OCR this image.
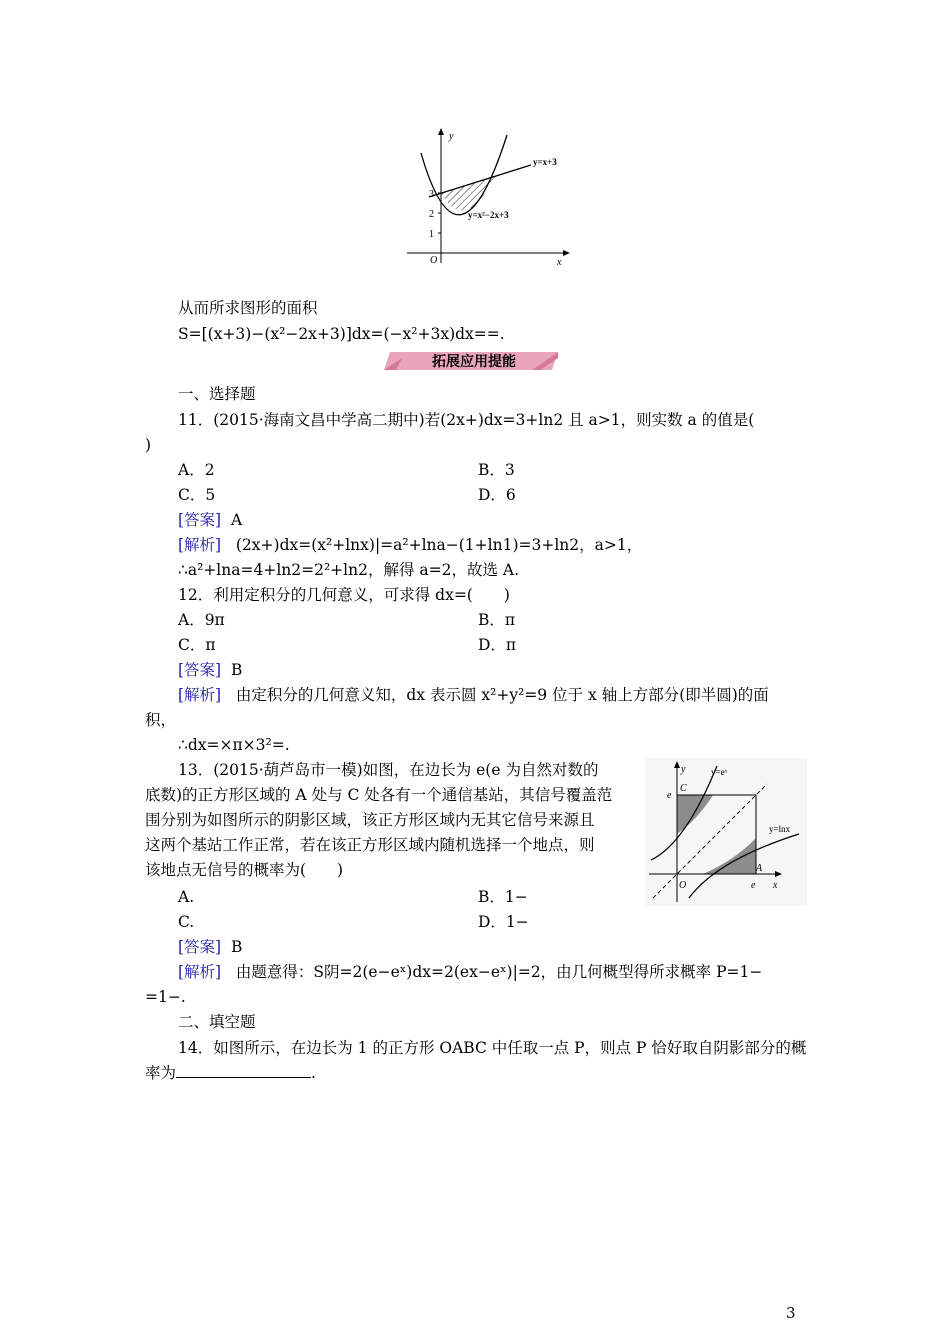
y
x
O
3
2
1
y=x+3
y=x²−2x+3
从而所求图形的面积
S=[(x+3)−(x²−2x+3)]dx=(−x²+3x)dx==.
拓展应用提能
一、选择题
11．(2015·海南文昌中学高二期中)若(2x+)dx=3+ln2 且 a>1，则实数 a 的值是(
)
A．2	B．3
C．5	D．6
[答案] A
[解析] (2x+)dx=(x²+lnx)|=a²+lna−(1+ln1)=3+ln2，a>1，
∴a²+lna=4+ln2=2²+ln2，解得 a=2，故选 A.
12．利用定积分的几何意义，可求得 dx=(　　)
A．9π	B．π
C．π	D．π
[答案] B
[解析] 由定积分的几何意义知，dx 表示圆 x²+y²=9 位于 x 轴上方部分(即半圆)的面
积，
∴dx=×π×3²=.
13．(2015·葫芦岛市一模)如图，在边长为 e(e 为自然对数的
底数)的正方形区域的 A 处与 C 处各有一个通信基站，其信号覆盖范
围分别为如图所示的阴影区域，该正方形区域内无其它信号来源且
这两个基站工作正常，若在该正方形区域内随机选择一个地点，则
该地点无信号的概率为(　　)
y
x
O
y=eˣ
y=lnx
C
A
e
e
A.	B．1−
C.	D．1−
[答案] B
[解析] 由题意得：S阴=2(e−eˣ)dx=2(ex−eˣ)|=2，由几何概型得所求概率 P=1−
=1−.
二、填空题
14．如图所示，在边长为 1 的正方形 OABC 中任取一点 P，则点 P 恰好取自阴影部分的概
率为	.
3
